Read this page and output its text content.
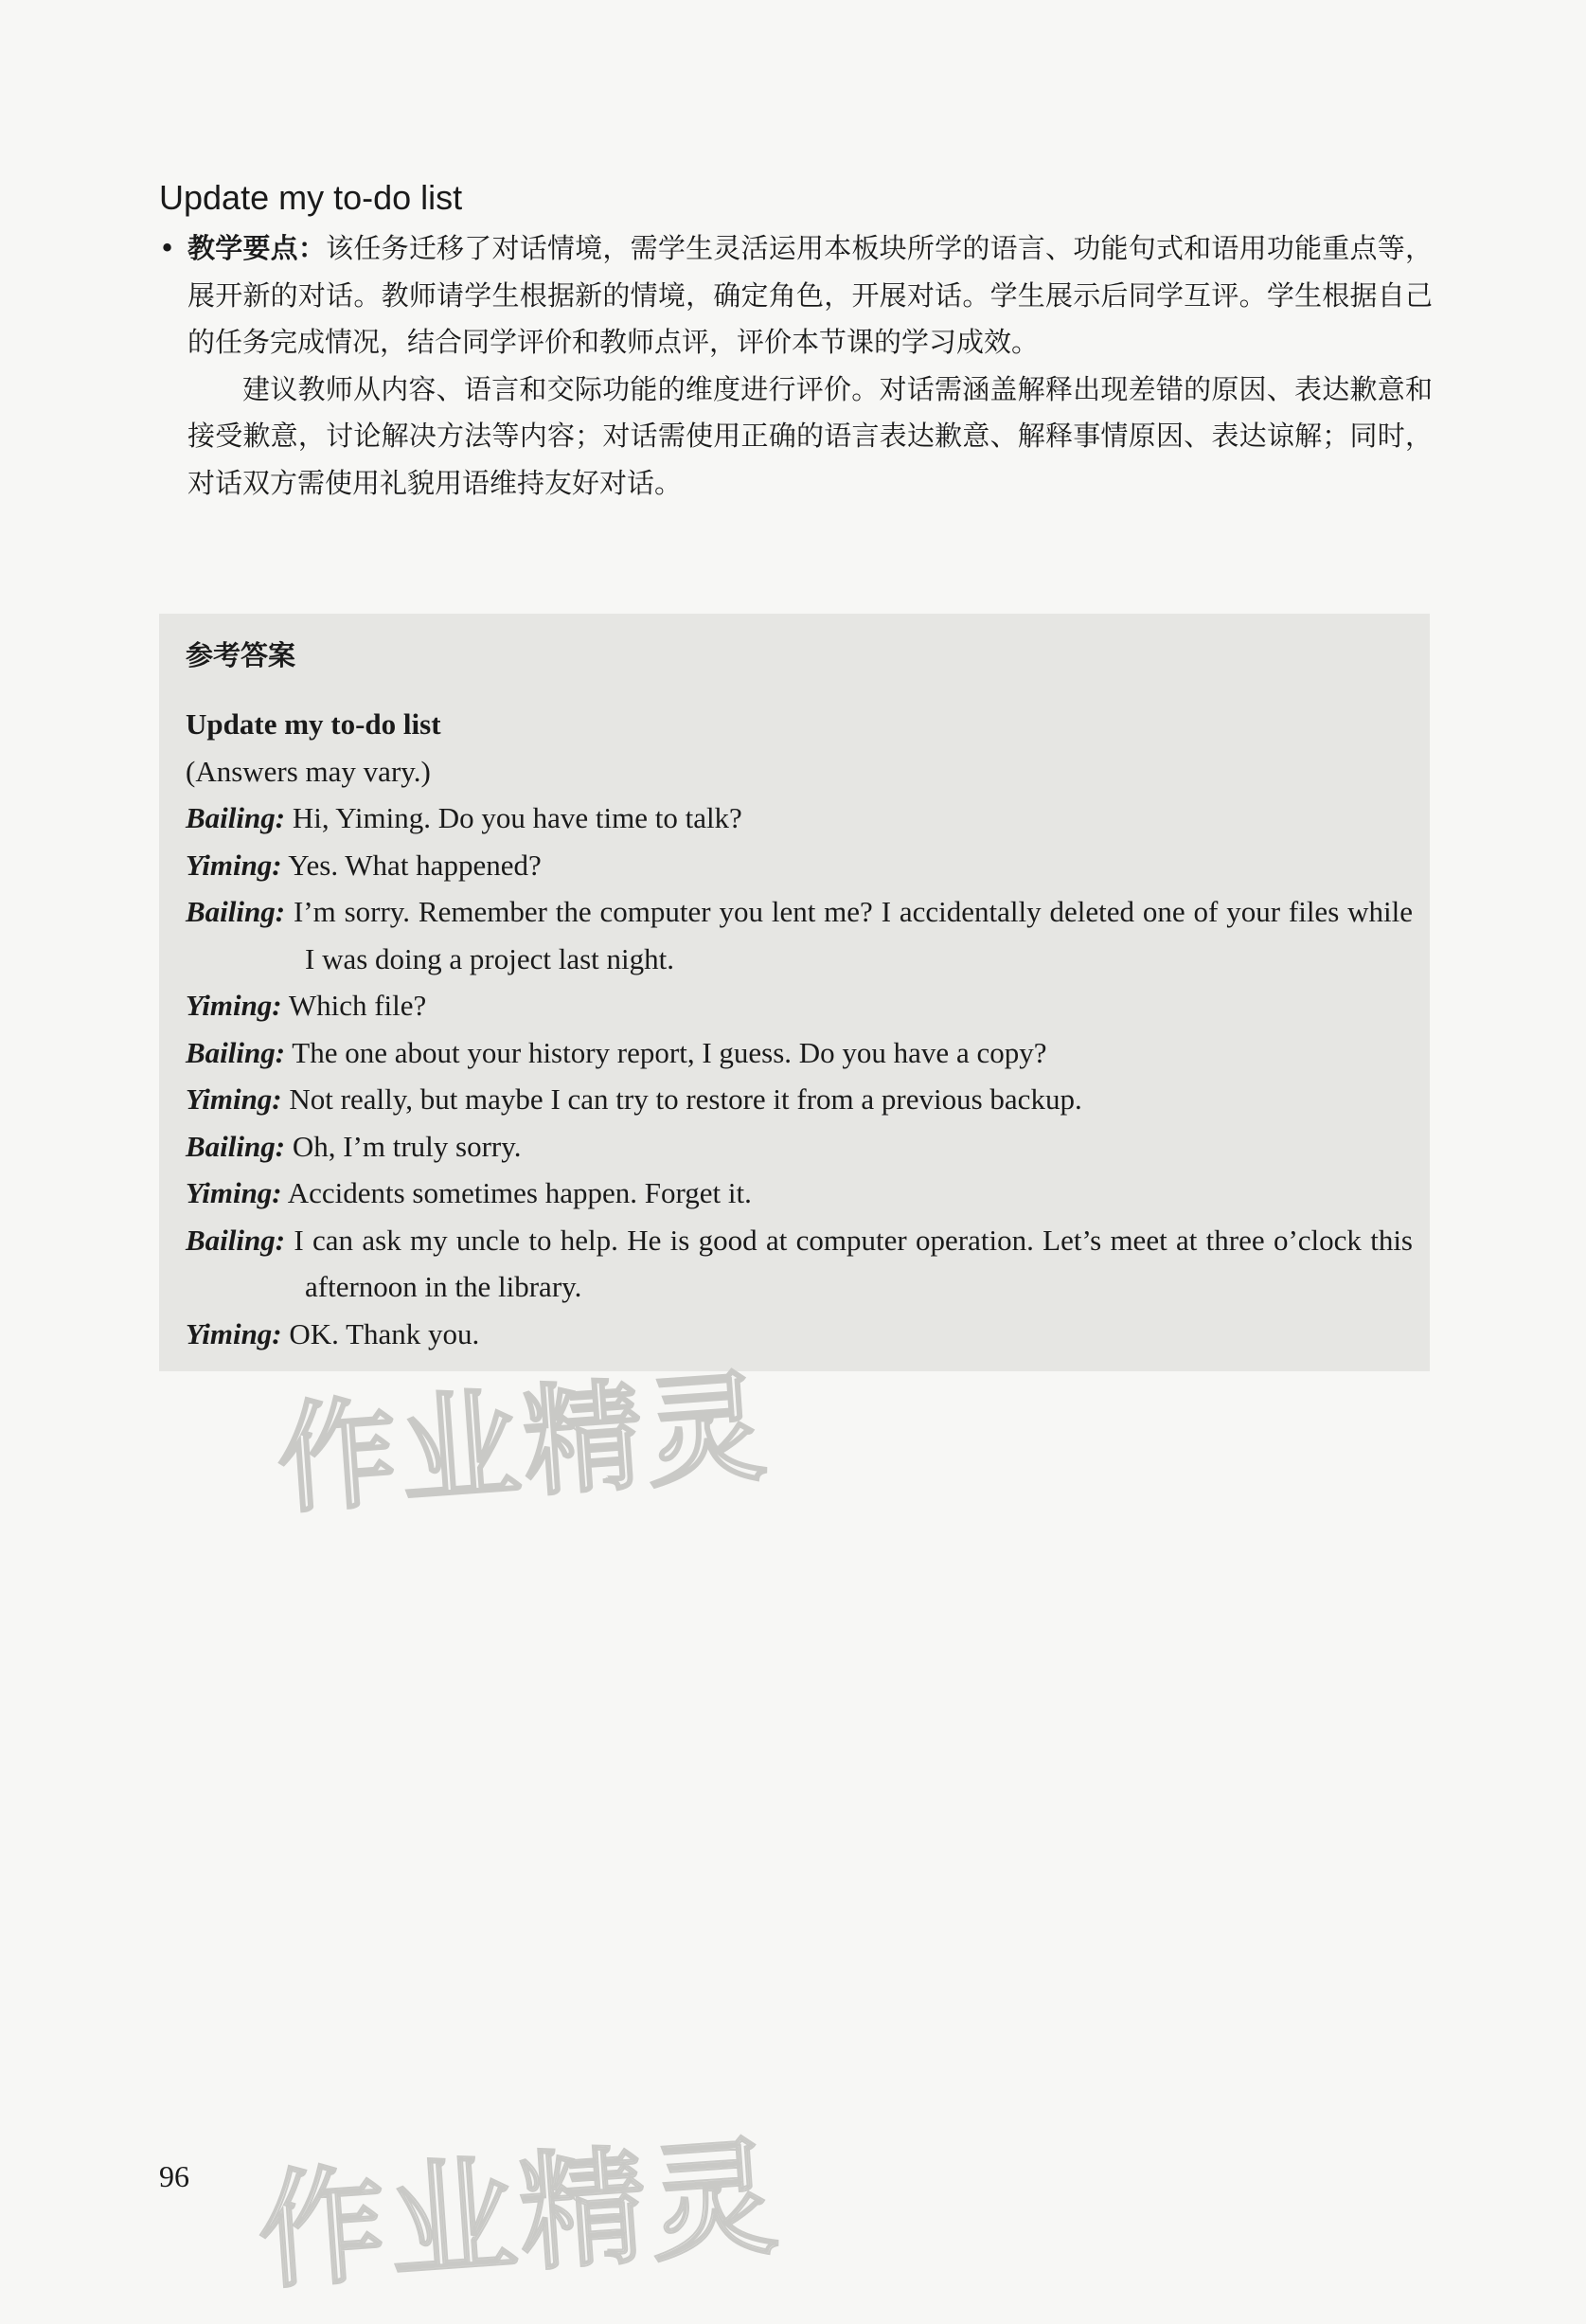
Update my to-do list
• 教学要点：该任务迁移了对话情境，需学生灵活运用本板块所学的语言、功能句式和语用功能重点等，展开新的对话。教师请学生根据新的情境，确定角色，开展对话。学生展示后同学互评。学生根据自己的任务完成情况，结合同学评价和教师点评，评价本节课的学习成效。
建议教师从内容、语言和交际功能的维度进行评价。对话需涵盖解释出现差错的原因、表达歉意和接受歉意，讨论解决方法等内容；对话需使用正确的语言表达歉意、解释事情原因、表达谅解；同时，对话双方需使用礼貌用语维持友好对话。
参考答案
Update my to-do list
(Answers may vary.)
Bailing: Hi, Yiming. Do you have time to talk?
Yiming: Yes. What happened?
Bailing: I’m sorry. Remember the computer you lent me? I accidentally deleted one of your files while I was doing a project last night.
Yiming: Which file?
Bailing: The one about your history report, I guess. Do you have a copy?
Yiming: Not really, but maybe I can try to restore it from a previous backup.
Bailing: Oh, I’m truly sorry.
Yiming: Accidents sometimes happen. Forget it.
Bailing: I can ask my uncle to help. He is good at computer operation. Let’s meet at three o’clock this afternoon in the library.
Yiming: OK. Thank you.
作业精灵
作业精灵
96
